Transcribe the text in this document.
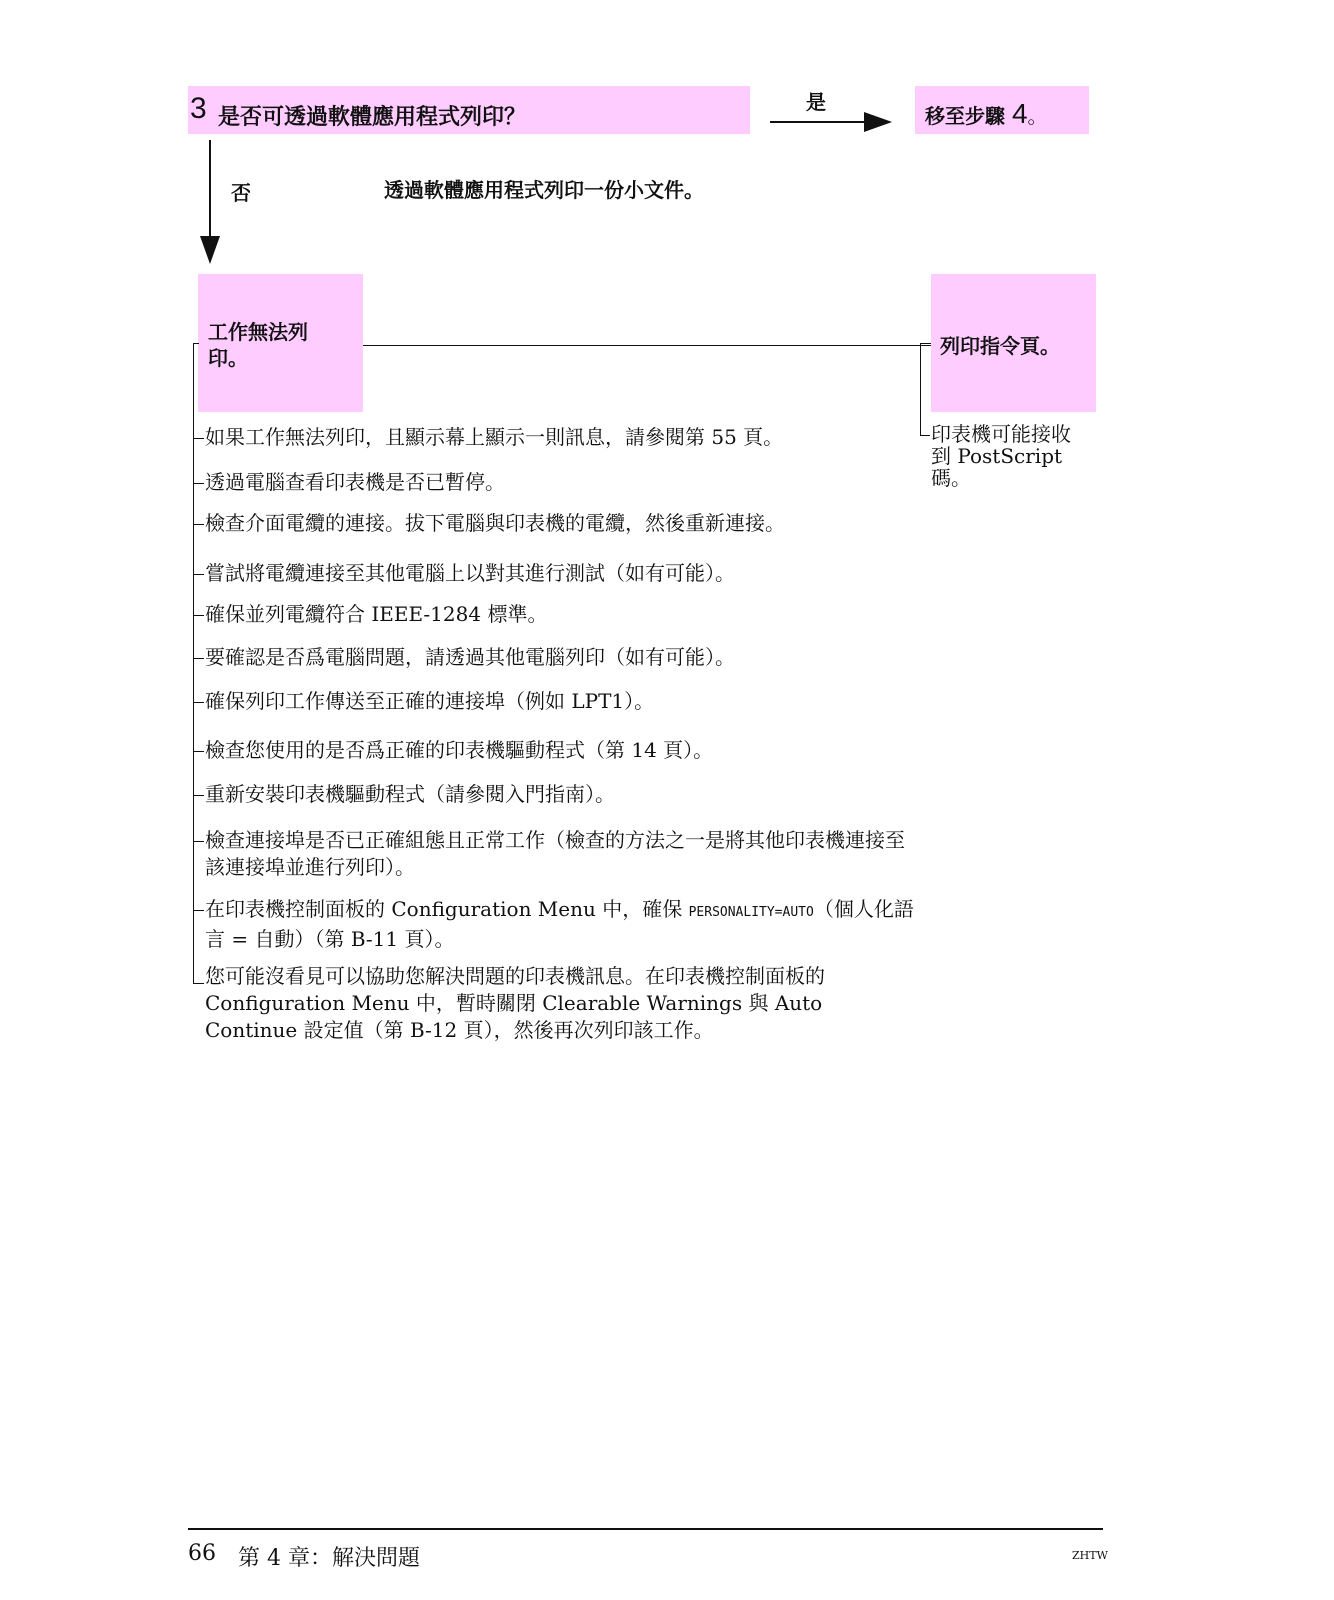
3 是否可透過軟體應用程式列印？
是
移至步驟 4。
否	透過軟體應用程式列印一份小文件。
工作無法列
印。	列印指令頁。
印表機可能接收
到 PostScript
碼。
如果工作無法列印，且顯示幕上顯示一則訊息，請參閱第 55 頁。
透過電腦查看印表機是否已暫停。
檢查介面電纜的連接。拔下電腦與印表機的電纜，然後重新連接。
嘗試將電纜連接至其他電腦上以對其進行測試（如有可能）。
確保並列電纜符合 IEEE-1284 標準。
要確認是否爲電腦問題，請透過其他電腦列印（如有可能）。
確保列印工作傳送至正確的連接埠（例如 LPT1）。
檢查您使用的是否爲正確的印表機驅動程式（第 14 頁）。
重新安裝印表機驅動程式（請參閱入門指南）。
檢查連接埠是否已正確組態且正常工作（檢查的方法之一是將其他印表機連接至該連接埠並進行列印）。
在印表機控制面板的 Configuration Menu 中，確保 PERSONALITY=AUTO（個人化語言 = 自動）（第 B-11 頁）。
您可能沒看見可以協助您解決問題的印表機訊息。在印表機控制面板的 Configuration Menu 中，暫時關閉 Clearable Warnings 與 Auto Continue 設定值（第 B-12 頁），然後再次列印該工作。
66 第 4 章：解決問題	ZHTW
